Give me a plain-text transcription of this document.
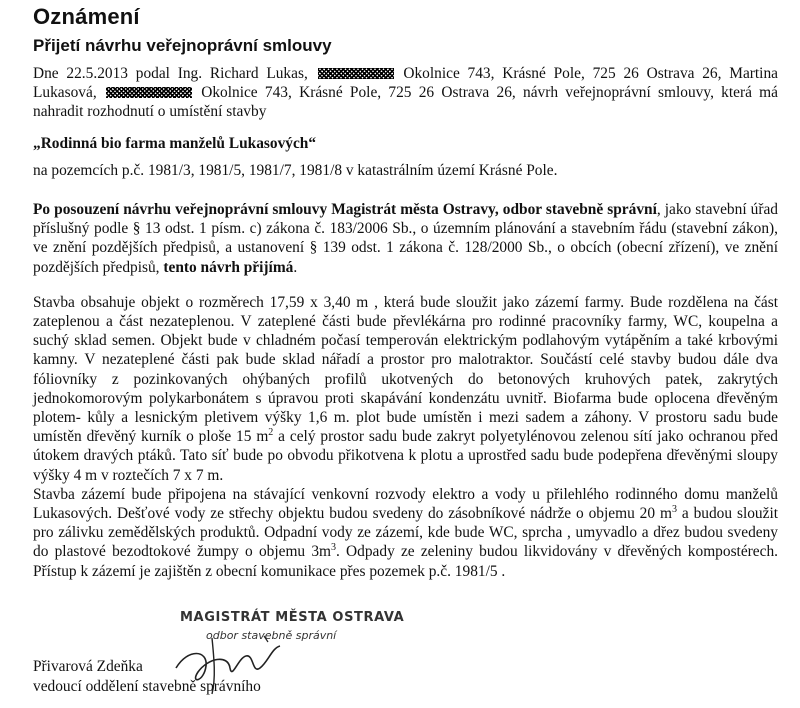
Oznámení
Přijetí návrhu veřejnoprávní smlouvy

Dne 22.5.2013 podal Ing. Richard Lukas,	Okolnice 743, Krásné Pole, 725 26 Ostrava 26, Martina Lukasová,	Okolnice 743, Krásné Pole, 725 26 Ostrava 26, návrh veřejnoprávní smlouvy, která má nahradit rozhodnutí o umístění stavby

„Rodinná bio farma manželů Lukasových“

na pozemcích p.č. 1981/3, 1981/5, 1981/7, 1981/8 v katastrálním území Krásné Pole.

Po posouzení návrhu veřejnoprávní smlouvy Magistrát města Ostravy, odbor stavebně správní, jako stavební úřad příslušný podle § 13 odst. 1 písm. c) zákona č. 183/2006 Sb., o územním plánování a stavebním řádu (stavební zákon), ve znění pozdějších předpisů, a ustanovení § 139 odst. 1 zákona č. 128/2000 Sb., o obcích (obecní zřízení), ve znění pozdějších předpisů, tento návrh přijímá.

Stavba obsahuje objekt o rozměrech 17,59 x 3,40 m , která bude sloužit jako zázemí farmy. Bude rozdělena na část zateplenou a část nezateplenou. V zateplené části bude převlékárna pro rodinné pracovníky farmy, WC, koupelna a suchý sklad semen. Objekt bude v chladném počasí temperován elektrickým podlahovým vytápěním a také krbovými kamny. V nezateplené části pak bude sklad nářadí a prostor pro malotraktor. Součástí celé stavby budou dále dva fóliovníky z pozinkovaných ohýbaných profilů ukotvených do betonových kruhových patek, zakrytých jednokomorovým polykarbonátem s úpravou proti skapávání kondenzátu uvnitř. Biofarma bude oplocena dřevěným plotem- kůly a lesnickým pletivem výšky 1,6 m. plot bude umístěn i mezi sadem a záhony. V prostoru sadu bude umístěn dřevěný kurník o ploše 15 $m^2$ a celý prostor sadu bude zakryt polyetylénovou zelenou sítí jako ochranou před útokem dravých ptáků. Tato síť bude po obvodu přikotvena k plotu a uprostřed sadu bude podepřena dřevěnými sloupy výšky 4 m v roztečích 7 x 7 m.

Stavba zázemí bude připojena na stávající venkovní rozvody elektro a vody u přilehlého rodinného domu manželů Lukasových. Dešťové vody ze střechy objektu budou svedeny do zásobníkové nádrže o objemu 20 $m^3$ a budou sloužit pro zálivku zemědělských produktů. Odpadní vody ze zázemí, kde bude WC, sprcha , umyvadlo a dřez budou svedeny do plastové bezodtokové žumpy o objemu $3m^3$. Odpady ze zeleniny budou likvidovány v dřevěných kompostérech. Přístup k zázemí je zajištěn z obecní komunikace přes pozemek p.č. 1981/5 .

MAGISTRÁT MĚSTA OSTRAVA
odbor stavebně správní
Přivarová Zdeňka
vedoucí oddělení stavebně správního
